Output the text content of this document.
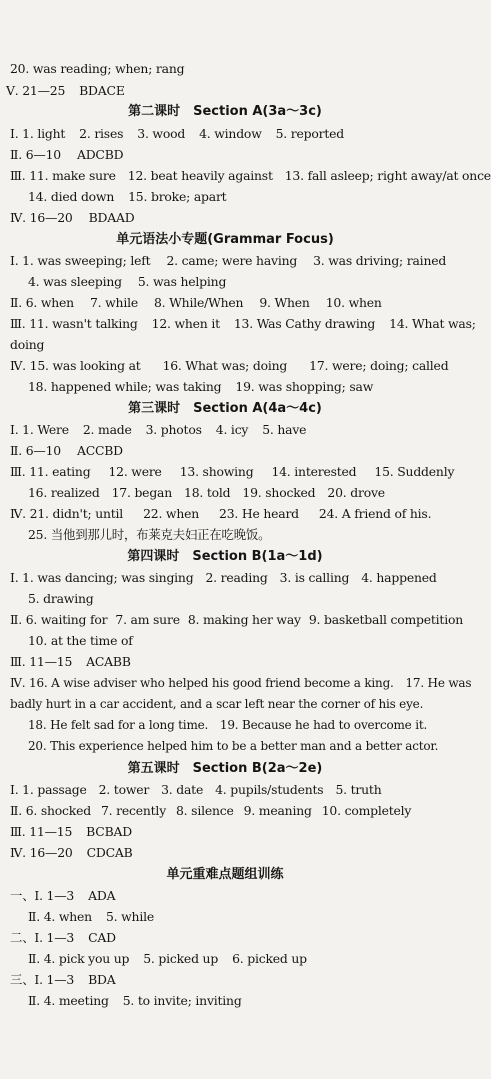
20. was reading; when; rang
Ⅴ. 21—25 BDACE
第二课时　Section A(3a～3c)
Ⅰ. 1. light 2. rises 3. wood 4. window 5. reported
Ⅱ. 6—10 ADCBD
Ⅲ. 11. make sure 12. beat heavily against 13. fall asleep; right away/at once
14. died down 15. broke; apart
Ⅳ. 16—20 BDAAD
单元语法小专题(Grammar Focus)
Ⅰ. 1. was sweeping; left 2. came; were having 3. was driving; rained
4. was sleeping 5. was helping
Ⅱ. 6. when 7. while 8. While/When 9. When 10. when
Ⅲ. 11. wasn't talking 12. when it 13. Was Cathy drawing 14. What was;
doing
Ⅳ. 15. was looking at 16. What was; doing 17. were; doing; called
18. happened while; was taking 19. was shopping; saw
第三课时　Section A(4a～4c)
Ⅰ. 1. Were 2. made 3. photos 4. icy 5. have
Ⅱ. 6—10 ACCBD
Ⅲ. 11. eating 12. were 13. showing 14. interested 15. Suddenly
16. realized 17. began 18. told 19. shocked 20. drove
Ⅳ. 21. didn't; until 22. when 23. He heard 24. A friend of his.
25. 当他到那儿时，布莱克夫妇正在吃晚饭。
第四课时　Section B(1a～1d)
Ⅰ. 1. was dancing; was singing 2. reading 3. is calling 4. happened
5. drawing
Ⅱ. 6. waiting for 7. am sure 8. making her way 9. basketball competition
10. at the time of
Ⅲ. 11—15 ACABB
Ⅳ. 16. A wise adviser who helped his good friend become a king.　17. He was
badly hurt in a car accident, and a scar left near the corner of his eye.
18. He felt sad for a long time.　19. Because he had to overcome it.
20. This experience helped him to be a better man and a better actor.
第五课时　Section B(2a～2e)
Ⅰ. 1. passage 2. tower 3. date 4. pupils/students 5. truth
Ⅱ. 6. shocked 7. recently 8. silence 9. meaning 10. completely
Ⅲ. 11—15 BCBAD
Ⅳ. 16—20 CDCAB
单元重难点题组训练
一、Ⅰ. 1—3 ADA
Ⅱ. 4. when 5. while
二、Ⅰ. 1—3 CAD
Ⅱ. 4. pick you up 5. picked up 6. picked up
三、Ⅰ. 1—3 BDA
Ⅱ. 4. meeting 5. to invite; inviting
